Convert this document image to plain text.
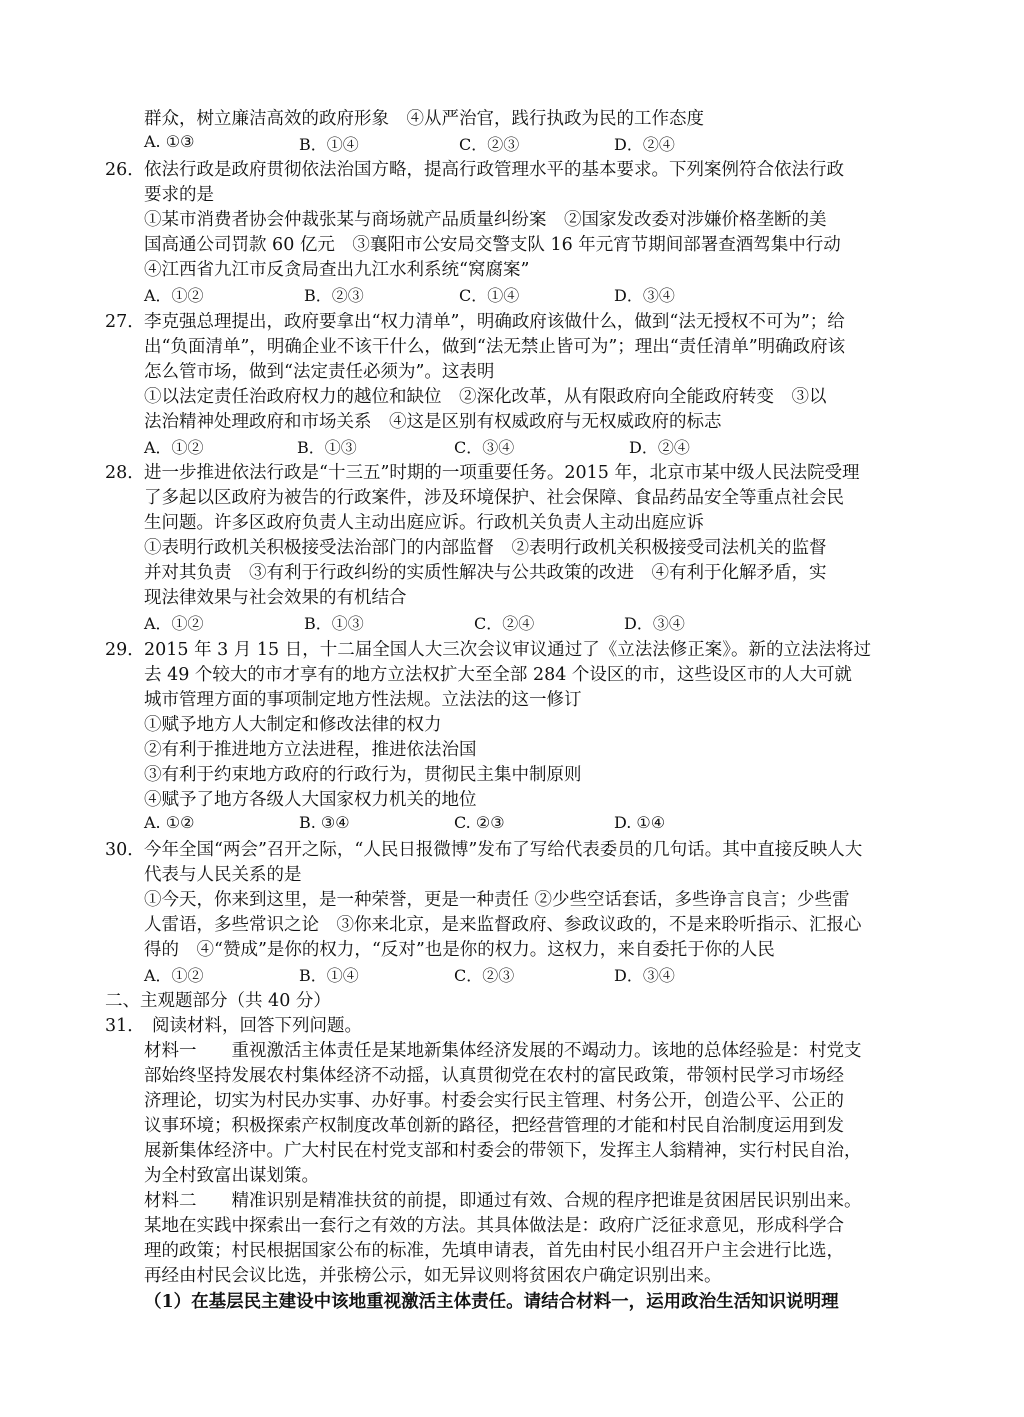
群众，树立廉洁高效的政府形象　④从严治官，践行执政为民的工作态度
A. ①③	B．①④	C．②③	D．②④
26． 依法行政是政府贯彻依法治国方略，提高行政管理水平的基本要求。下列案例符合依法行政
要求的是
①某市消费者协会仲裁张某与商场就产品质量纠纷案　②国家发改委对涉嫌价格垄断的美
国高通公司罚款 60 亿元　③襄阳市公安局交警支队 16 年元宵节期间部署查酒驾集中行动
④江西省九江市反贪局查出九江水利系统“窝腐案”
A．①②	B．②③	C．①④	D．③④
27． 李克强总理提出，政府要拿出“权力清单”，明确政府该做什么，做到“法无授权不可为”；给
出“负面清单”，明确企业不该干什么，做到“法无禁止皆可为”；理出“责任清单”明确政府该
怎么管市场，做到“法定责任必须为”。这表明
①以法定责任治政府权力的越位和缺位　②深化改革，从有限政府向全能政府转变　③以
法治精神处理政府和市场关系　④这是区别有权威政府与无权威政府的标志
A．①②	B．①③	C．③④	D．②④
28． 进一步推进依法行政是“十三五”时期的一项重要任务。2015 年，北京市某中级人民法院受理
了多起以区政府为被告的行政案件，涉及环境保护、社会保障、食品药品安全等重点社会民
生问题。许多区政府负责人主动出庭应诉。行政机关负责人主动出庭应诉
①表明行政机关积极接受法治部门的内部监督　②表明行政机关积极接受司法机关的监督
并对其负责　③有利于行政纠纷的实质性解决与公共政策的改进　④有利于化解矛盾，实
现法律效果与社会效果的有机结合
A．①②	B．①③	C．②④	D．③④
29． 2015 年 3 月 15 日，十二届全国人大三次会议审议通过了《立法法修正案》。新的立法法将过
去 49 个较大的市才享有的地方立法权扩大至全部 284 个设区的市，这些设区市的人大可就
城市管理方面的事项制定地方性法规。立法法的这一修订
①赋予地方人大制定和修改法律的权力
②有利于推进地方立法进程，推进依法治国
③有利于约束地方政府的行政行为，贯彻民主集中制原则
④赋予了地方各级人大国家权力机关的地位
A. ①②	B. ③④	C. ②③	D. ①④
30． 今年全国“两会”召开之际，“人民日报微博”发布了写给代表委员的几句话。其中直接反映人大
代表与人民关系的是
①今天，你来到这里，是一种荣誉，更是一种责任 ②少些空话套话，多些诤言良言；少些雷
人雷语，多些常识之论　③你来北京，是来监督政府、参政议政的，不是来聆听指示、汇报心
得的　④“赞成”是你的权力，“反对”也是你的权力。这权力，来自委托于你的人民
A．①②	B．①④	C．②③	D．③④
二、主观题部分（共 40 分）
31． 阅读材料，回答下列问题。
材料一　　重视激活主体责任是某地新集体经济发展的不竭动力。该地的总体经验是：村党支
部始终坚持发展农村集体经济不动摇，认真贯彻党在农村的富民政策，带领村民学习市场经
济理论，切实为村民办实事、办好事。村委会实行民主管理、村务公开，创造公平、公正的
议事环境；积极探索产权制度改革创新的路径，把经营管理的才能和村民自治制度运用到发
展新集体经济中。广大村民在村党支部和村委会的带领下，发挥主人翁精神，实行村民自治，
为全村致富出谋划策。
材料二　　精准识别是精准扶贫的前提，即通过有效、合规的程序把谁是贫困居民识别出来。
某地在实践中探索出一套行之有效的方法。其具体做法是：政府广泛征求意见，形成科学合
理的政策；村民根据国家公布的标准，先填申请表，首先由村民小组召开户主会进行比选，
再经由村民会议比选，并张榜公示，如无异议则将贫困农户确定识别出来。
（1）在基层民主建设中该地重视激活主体责任。请结合材料一，运用政治生活知识说明理
